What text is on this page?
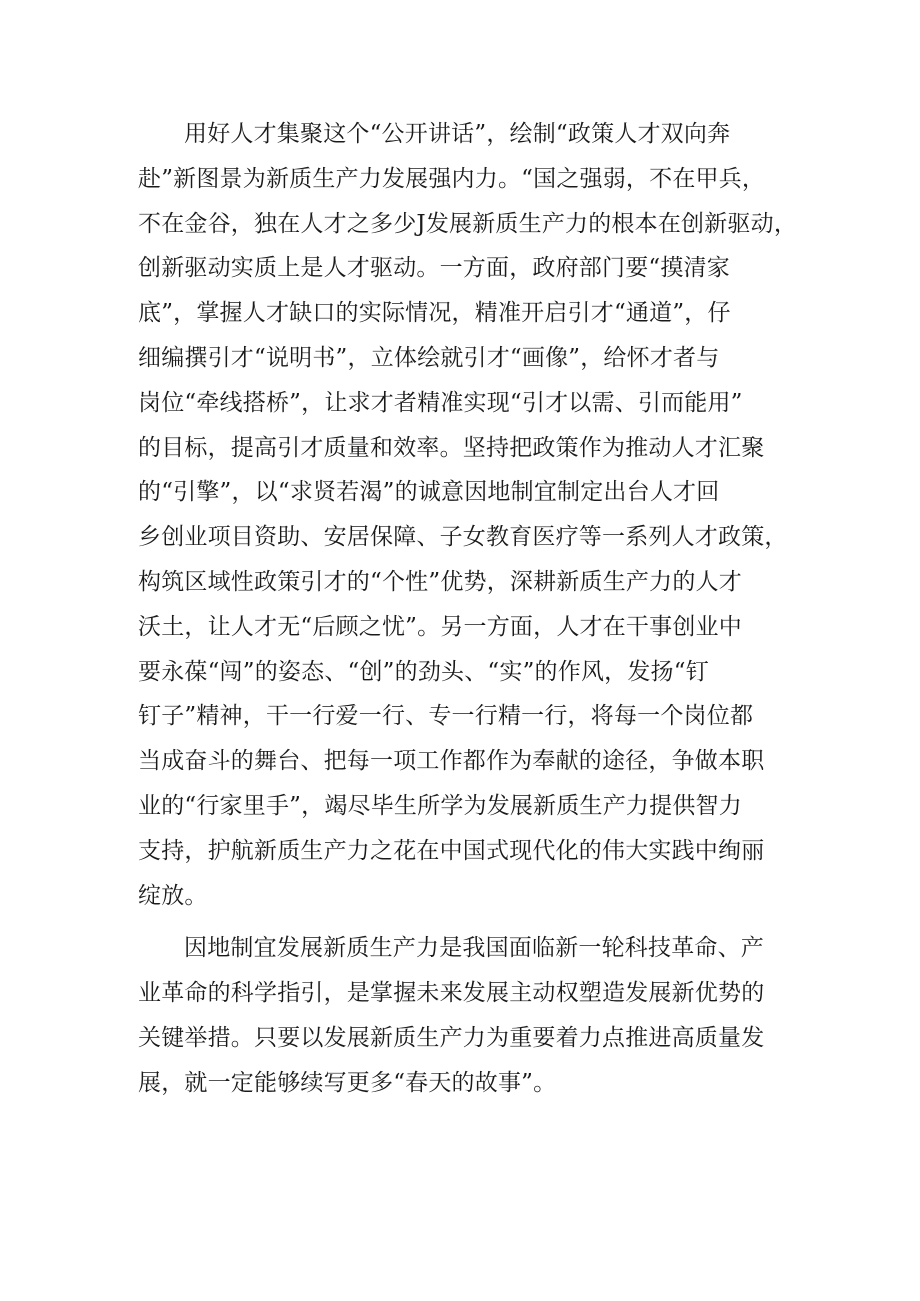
用好人才集聚这个“公开讲话”，绘制“政策人才双向奔
赴”新图景为新质生产力发展强内力。“国之强弱，不在甲兵，
不在金谷，独在人才之多少J发展新质生产力的根本在创新驱动，
创新驱动实质上是人才驱动。一方面，政府部门要“摸清家
底”，掌握人才缺口的实际情况，精准开启引才“通道”，仔
细编撰引才“说明书”，立体绘就引才“画像”，给怀才者与
岗位“牵线搭桥”，让求才者精准实现“引才以需、引而能用”
的目标，提高引才质量和效率。坚持把政策作为推动人才汇聚
的“引擎”，以“求贤若渴”的诚意因地制宜制定出台人才回
乡创业项目资助、安居保障、子女教育医疗等一系列人才政策，
构筑区域性政策引才的“个性”优势，深耕新质生产力的人才
沃土，让人才无“后顾之忧”。另一方面，人才在干事创业中
要永葆“闯”的姿态、“创”的劲头、“实”的作风，发扬“钉
钉子”精神，干一行爱一行、专一行精一行，将每一个岗位都
当成奋斗的舞台、把每一项工作都作为奉献的途径，争做本职
业的“行家里手”，竭尽毕生所学为发展新质生产力提供智力
支持，护航新质生产力之花在中国式现代化的伟大实践中绚丽
绽放。

因地制宜发展新质生产力是我国面临新一轮科技革命、产
业革命的科学指引，是掌握未来发展主动权塑造发展新优势的
关键举措。只要以发展新质生产力为重要着力点推进高质量发
展，就一定能够续写更多“春天的故事”。
